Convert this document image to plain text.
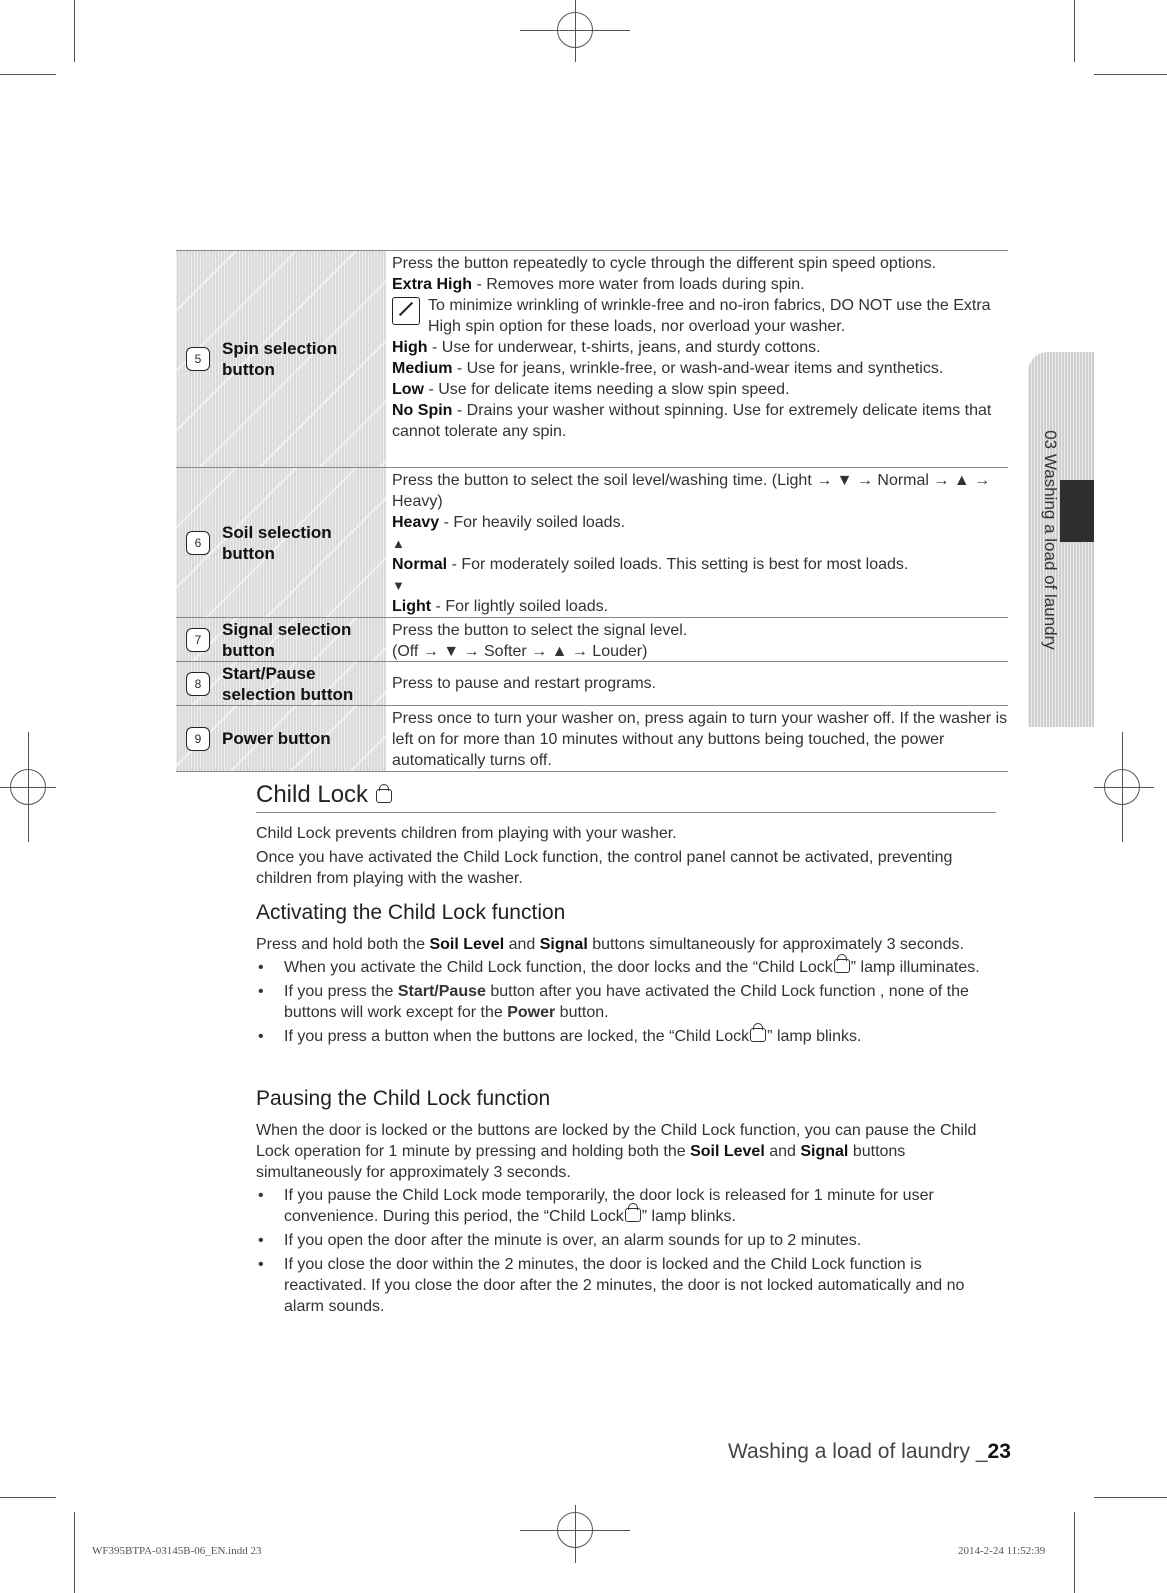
5
Spin selection
button
Press the button repeatedly to cycle through the different spin speed options.
Extra High - Removes more water from loads during spin.
To minimize wrinkling of wrinkle-free and no-iron fabrics, DO NOT use the Extra High spin option for these loads, nor overload your washer.
High - Use for underwear, t-shirts, jeans, and sturdy cottons.
Medium - Use for jeans, wrinkle-free, or wash-and-wear items and synthetics.
Low - Use for delicate items needing a slow spin speed.
No Spin - Drains your washer without spinning. Use for extremely delicate items that cannot tolerate any spin.
6
Soil selection
button
Press the button to select the soil level/washing time. (Light → ▼ → Normal → ▲ → Heavy)
Heavy - For heavily soiled loads.
▲
Normal - For moderately soiled loads. This setting is best for most loads.
▼
Light - For lightly soiled loads.
7
Signal selection
button
Press the button to select the signal level.
(Off → ▼ → Softer → ▲ → Louder)
8
Start/Pause
selection button
Press to pause and restart programs.
9	Power button
Press once to turn your washer on, press again to turn your washer off. If the washer is left on for more than 10 minutes without any buttons being touched, the power automatically turns off.
Child Lock

Child Lock prevents children from playing with your washer.

Once you have activated the Child Lock function, the control panel cannot be activated, preventing children from playing with the washer.

Activating the Child Lock function

Press and hold both the Soil Level and Signal buttons simultaneously for approximately 3 seconds.

• When you activate the Child Lock function, the door locks and the “Child Lock ” lamp illuminates.
• If you press the Start/Pause button after you have activated the Child Lock function , none of the buttons will work except for the Power button.
• If you press a button when the buttons are locked, the “Child Lock ” lamp blinks.
Pausing the Child Lock function

When the door is locked or the buttons are locked by the Child Lock function, you can pause the Child Lock operation for 1 minute by pressing and holding both the Soil Level and Signal buttons simultaneously for approximately 3 seconds.

• If you pause the Child Lock mode temporarily, the door lock is released for 1 minute for user convenience. During this period, the “Child Lock ” lamp blinks.
• If you open the door after the minute is over, an alarm sounds for up to 2 minutes.
• If you close the door within the 2 minutes, the door is locked and the Child Lock function is reactivated. If you close the door after the 2 minutes, the door is not locked automatically and no alarm sounds.
03 Washing a load of laundry
Washing a load of laundry _23
WF395BTPA-03145B-06_EN.indd 23	2014-2-24 11:52:39
